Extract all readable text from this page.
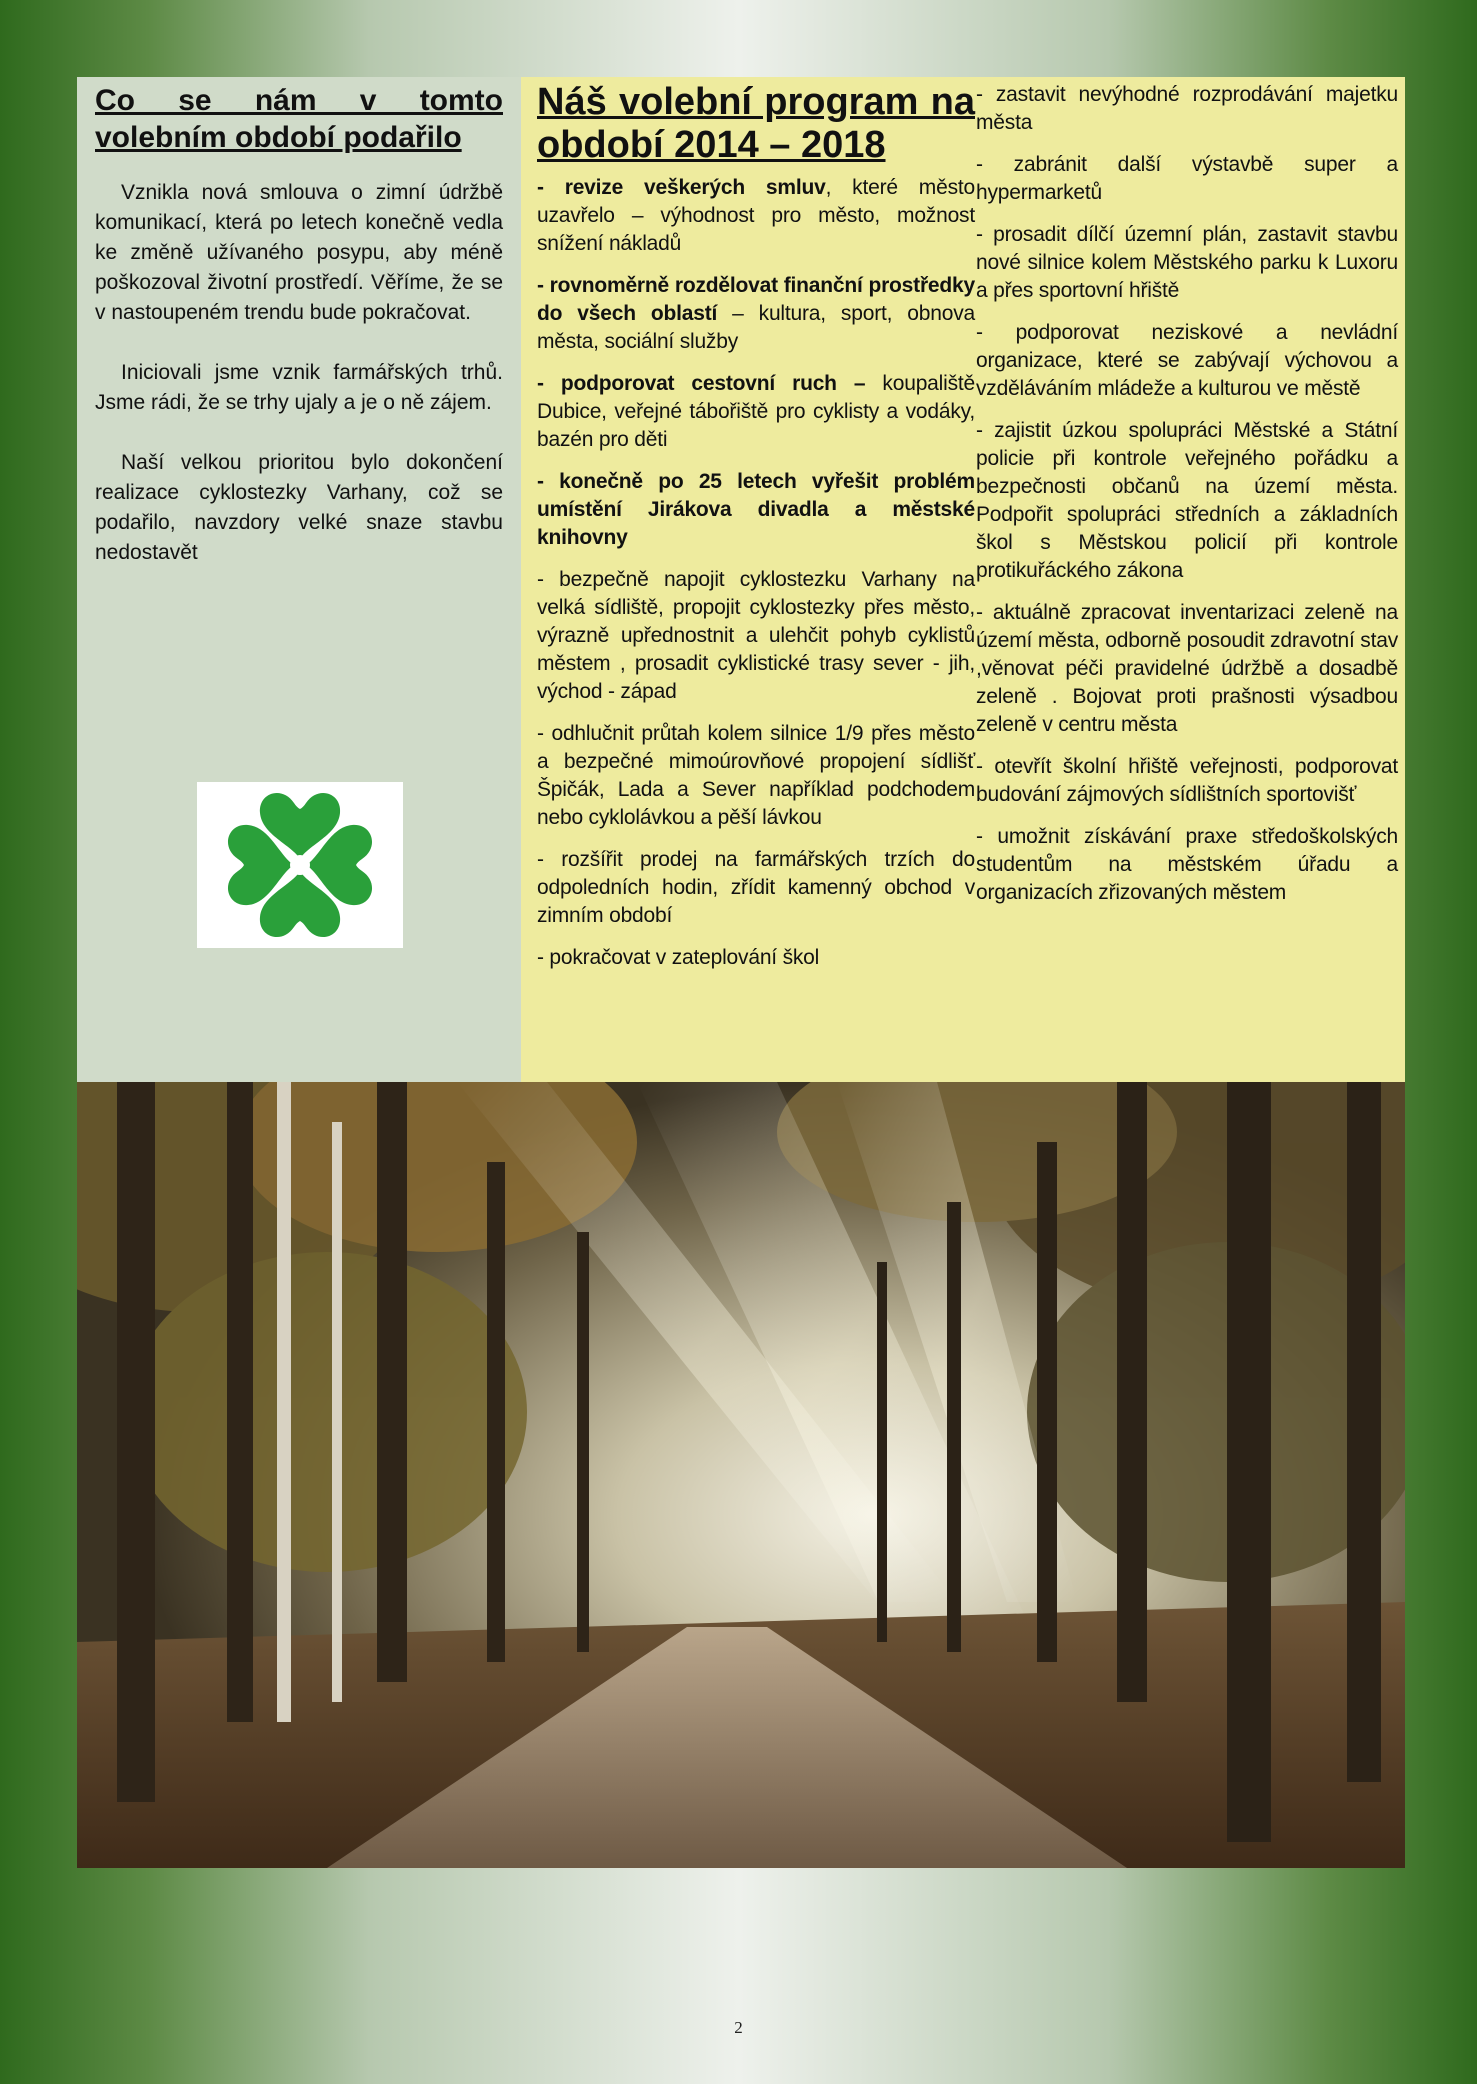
Co se nám v tomto volebním období podařilo

Vznikla nová smlouva o zimní údržbě komunikací, která po letech konečně vedla ke změně užívaného posypu, aby méně poškozoval životní prostředí. Věříme, že se v nastoupeném trendu bude pokračovat.

Iniciovali jsme vznik farmářských trhů. Jsme rádi, že se trhy ujaly a je o ně zájem.

Naší velkou prioritou bylo dokončení realizace cyklostezky Varhany, což se podařilo, navzdory velké snaze stavbu nedostavět

Náš volební program na období 2014 – 2018

- revize veškerých smluv, které město uzavřelo – výhodnost pro město, možnost snížení nákladů

- rovnoměrně rozdělovat finanční prostředky do všech oblastí – kultura, sport, obnova města, sociální služby

- podporovat cestovní ruch – koupaliště Dubice, veřejné tábořiště pro cyklisty a vodáky, bazén pro děti

- konečně po 25 letech vyřešit problém umístění Jirákova divadla a městské knihovny

- bezpečně napojit cyklostezku Varhany na velká sídliště, propojit cyklostezky přes město, výrazně upřednostnit a ulehčit pohyb cyklistů městem , prosadit cyklistické trasy sever - jih, východ - západ

- odhlučnit průtah kolem silnice 1/9 přes město a bezpečné mimoúrovňové propojení sídlišť Špičák, Lada a Sever například podchodem nebo cyklolávkou a pěší lávkou

- rozšířit prodej na farmářských trzích do odpoledních hodin, zřídit kamenný obchod v zimním období

- pokračovat v zateplování škol

- zastavit nevýhodné rozprodávání majetku města

- zabránit další výstavbě super a hypermarketů

- prosadit dílčí územní plán, zastavit stavbu nové silnice kolem Městského parku k Luxoru a přes sportovní hřiště

- podporovat neziskové a nevládní organizace, které se zabývají výchovou a vzděláváním mládeže a kulturou ve městě

- zajistit úzkou spolupráci Městské a Státní policie při kontrole veřejného pořádku a bezpečnosti občanů na území města. Podpořit spolupráci středních a základních škol s Městskou policií při kontrole protikuřáckého zákona

- aktuálně zpracovat inventarizaci zeleně na území města, odborně posoudit zdravotní stav ,věnovat péči pravidelné údržbě a dosadbě zeleně . Bojovat proti prašnosti výsadbou zeleně v centru města

- otevřít školní hřiště veřejnosti, podporovat budování zájmových sídlištních sportovišť

- umožnit získávání praxe středoškolských studentům na městském úřadu a organizacích zřizovaných městem

2
